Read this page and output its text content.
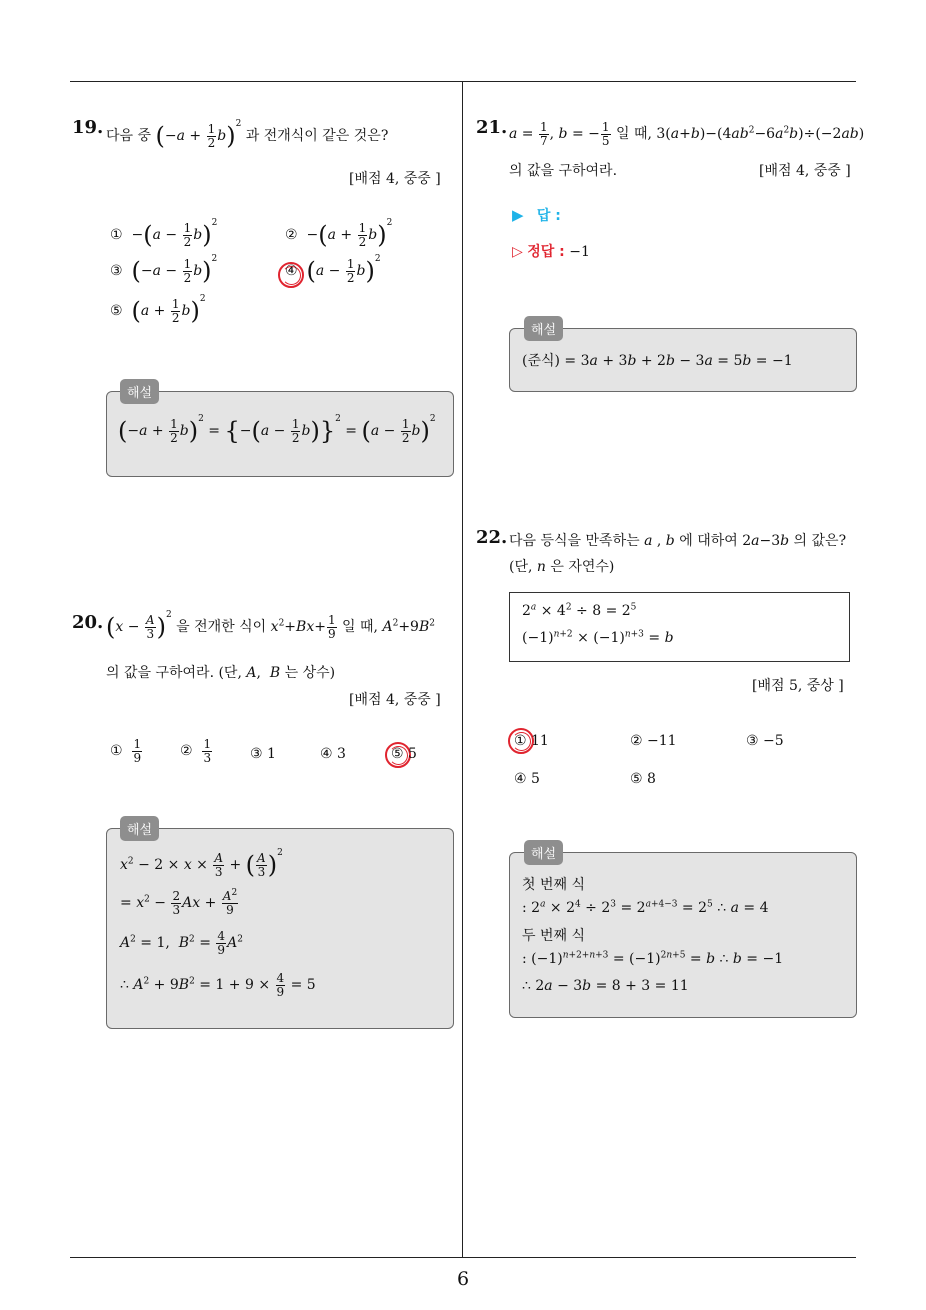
6
19. 다음 중 $(-a + \frac{1}{2} b)^2$ 과 전개식이 같은 것은?
[배점 4, 중중 ]
①  $-(a - \frac{1}{2} b)^2$
②  $-(a + \frac{1}{2} b)^2$
③ $(-a - \frac{1}{2} b)^2$
④ $(a - \frac{1}{2} b)^2$
⑤ $(a + \frac{1}{2} b)^2$
해설
$(-a + \frac{1}{2} b)^2 = \{-(a - \frac{1}{2} b)\}^2 = (a - \frac{1}{2} b)^2$
20. $(x - \frac{A}{3} )^2$ 을 전개한 식이 $x^2+Bx+ \frac{1}{9}$ 일 때, $A^2+9B^2$
의 값을 구하여라. (단, A,  B 는 상수)
[배점 4, 중중 ]
① $\frac{1}{9}$	② $\frac{1}{3}$	③ 1	④ 3	⑤ 5
해설
$x^2 - 2 \times x \times \frac{A}{3}$ + ( $\frac{A}{3} )^2$
= $x^2 - \frac{2}{3}$ $Ax + \frac{A^2}{9}$
$A^2 = 1$,  $B^2 = \frac{4}{9} A^2$
∴ $A^2 + 9B^2 = 1 + 9 \times \frac{4}{9} = 5$
21. $a = \frac{1}{7}$ , b = − $\frac{1}{5}$ 일 때, $3(a+b)-(4ab^2-6a^2b)\div(-2ab)$
의 값을 구하여라.	[배점 4, 중중 ]
▶ 답 :
▷ 정답 : −1
해설
(준식) = 3a + 3b + 2b − 3a = 5b = −1
22. 다음 등식을 만족하는 a , b 에 대하여 2a−3b 의 값은?
(단, n 은 자연수)
$2^a \times 4^2 \div 8 = 2^5$
$(-1)^{n+2} \times (-1)^{n+3} = b$
[배점 5, 중상 ]
① 11	② −11	③ −5
④ 5	⑤ 8
해설
첫 번째 식
: $2^a \times 2^4 \div 2^3 = 2^{a+4-3} = 2^5$ ∴ a = 4
두 번째 식
: $(-1)^{n+2+n+3} = (-1)^{2n+5} = b$ ∴ b = −1
∴ 2a − 3b = 8 + 3 = 11
